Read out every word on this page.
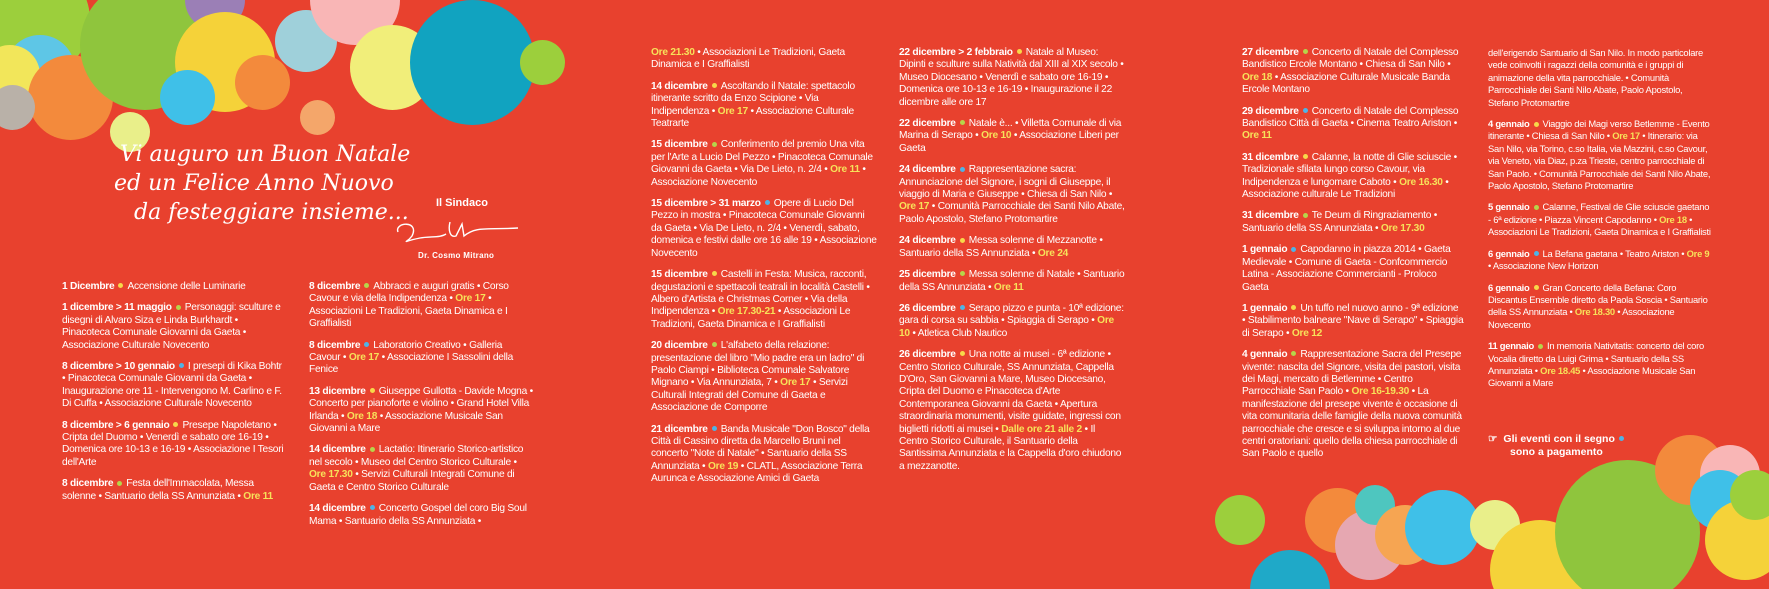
Vi auguro un Buon Natale
ed un Felice Anno Nuovo
da festeggiare insieme... Il Sindaco
Dr. Cosmo Mitrano
1 Dicembre Accensione delle Luminarie
1 dicembre > 11 maggio Personaggi: sculture e disegni di Alvaro Siza e Linda Burkhardt • Pinacoteca Comunale Giovanni da Gaeta • Associazione Culturale Novecento
8 dicembre > 10 gennaio I presepi di Kika Bohtr • Pinacoteca Comunale Giovanni da Gaeta • Inaugurazione ore 11 - Intervengono M. Carlino e F. Di Cuffa • Associazione Culturale Novecento
8 dicembre > 6 gennaio Presepe Napoletano • Cripta del Duomo • Venerdì e sabato ore 16-19 • Domenica ore 10-13 e 16-19 • Associazione I Tesori dell'Arte
8 dicembre Festa dell'Immacolata, Messa solenne • Santuario della SS Annunziata • Ore 11
8 dicembre Abbracci e auguri gratis • Corso Cavour e via della Indipendenza • Ore 17 • Associazioni Le Tradizioni, Gaeta Dinamica e I Graffialisti
8 dicembre Laboratorio Creativo • Galleria Cavour • Ore 17 • Associazione I Sassolini della Fenice
13 dicembre Giuseppe Gullotta - Davide Mogna • Concerto per pianoforte e violino • Grand Hotel Villa Irlanda • Ore 18 • Associazione Musicale San Giovanni a Mare
14 dicembre Lactatio: Itinerario Storico-artistico nel secolo • Museo del Centro Storico Culturale • Ore 17.30 • Servizi Culturali Integrati Comune di Gaeta e Centro Storico Culturale
14 dicembre Concerto Gospel del coro Big Soul Mama • Santuario della SS Annunziata •
Ore 21.30 • Associazioni Le Tradizioni, Gaeta Dinamica e I Graffialisti
14 dicembre Ascoltando il Natale: spettacolo itinerante scritto da Enzo Scipione • Via Indipendenza • Ore 17 • Associazione Culturale Teatrarte
15 dicembre Conferimento del premio Una vita per l'Arte a Lucio Del Pezzo • Pinacoteca Comunale Giovanni da Gaeta • Via De Lieto, n. 2/4 • Ore 11 • Associazione Novecento
15 dicembre > 31 marzo Opere di Lucio Del Pezzo in mostra • Pinacoteca Comunale Giovanni da Gaeta • Via De Lieto, n. 2/4 • Venerdì, sabato, domenica e festivi dalle ore 16 alle 19 • Associazione Novecento
15 dicembre Castelli in Festa: Musica, racconti, degustazioni e spettacoli teatrali in località Castelli • Albero d'Artista e Christmas Corner • Via della Indipendenza • Ore 17.30-21 • Associazioni Le Tradizioni, Gaeta Dinamica e I Graffialisti
20 dicembre L'alfabeto della relazione: presentazione del libro "Mio padre era un ladro" di Paolo Ciampi • Biblioteca Comunale Salvatore Mignano • Via Annunziata, 7 • Ore 17 • Servizi Culturali Integrati del Comune di Gaeta e Associazione de Comporre
21 dicembre Banda Musicale "Don Bosco" della Città di Cassino diretta da Marcello Bruni nel concerto "Note di Natale" • Santuario della SS Annunziata • Ore 19 • CLATL, Associazione Terra Aurunca e Associazione Amici di Gaeta
22 dicembre > 2 febbraio Natale al Museo: Dipinti e sculture sulla Natività dal XIII al XIX secolo • Museo Diocesano • Venerdì e sabato ore 16-19 • Domenica ore 10-13 e 16-19 • Inaugurazione il 22 dicembre alle ore 17
22 dicembre Natale è... • Villetta Comunale di via Marina di Serapo • Ore 10 • Associazione Liberi per Gaeta
24 dicembre Rappresentazione sacra: Annunciazione del Signore, i sogni di Giuseppe, il viaggio di Maria e Giuseppe • Chiesa di San Nilo • Ore 17 • Comunità Parrocchiale dei Santi Nilo Abate, Paolo Apostolo, Stefano Protomartire
24 dicembre Messa solenne di Mezzanotte • Santuario della SS Annunziata • Ore 24
25 dicembre Messa solenne di Natale • Santuario della SS Annunziata • Ore 11
26 dicembre Serapo pizzo e punta - 10ª edizione: gara di corsa su sabbia • Spiaggia di Serapo • Ore 10 • Atletica Club Nautico
26 dicembre Una notte ai musei - 6ª edizione • Centro Storico Culturale, SS Annunziata, Cappella D'Oro, San Giovanni a Mare, Museo Diocesano, Cripta del Duomo e Pinacoteca d'Arte Contemporanea Giovanni da Gaeta • Apertura straordinaria monumenti, visite guidate, ingressi con biglietti ridotti ai musei • Dalle ore 21 alle 2 • Il Centro Storico Culturale, il Santuario della Santissima Annunziata e la Cappella d'oro chiudono a mezzanotte.
27 dicembre Concerto di Natale del Complesso Bandistico Ercole Montano • Chiesa di San Nilo • Ore 18 • Associazione Culturale Musicale Banda Ercole Montano
29 dicembre Concerto di Natale del Complesso Bandistico Città di Gaeta • Cinema Teatro Ariston • Ore 11
31 dicembre Calanne, la notte di Glie sciuscie • Tradizionale sfilata lungo corso Cavour, via Indipendenza e lungomare Caboto • Ore 16.30 • Associazione culturale Le Tradizioni
31 dicembre Te Deum di Ringraziamento • Santuario della SS Annunziata • Ore 17.30
1 gennaio Capodanno in piazza 2014 • Gaeta Medievale • Comune di Gaeta - Confcommercio Latina - Associazione Commercianti - Proloco Gaeta
1 gennaio Un tuffo nel nuovo anno - 9ª edizione • Stabilimento balneare "Nave di Serapo" • Spiaggia di Serapo • Ore 12
4 gennaio Rappresentazione Sacra del Presepe vivente: nascita del Signore, visita dei pastori, visita dei Magi, mercato di Betlemme • Centro Parrocchiale San Paolo • Ore 16-19.30 • La manifestazione del presepe vivente è occasione di vita comunitaria delle famiglie della nuova comunità parrocchiale che cresce e si sviluppa intorno al due centri oratoriani: quello della chiesa parrocchiale di San Paolo e quello
dell'erigendo Santuario di San Nilo. In modo particolare vede coinvolti i ragazzi della comunità e i gruppi di animazione della vita parrocchiale. • Comunità Parrocchiale dei Santi Nilo Abate, Paolo Apostolo, Stefano Protomartire
4 gennaio Viaggio dei Magi verso Betlemme - Evento itinerante • Chiesa di San Nilo • Ore 17 • Itinerario: via San Nilo, via Torino, c.so Italia, via Mazzini, c.so Cavour, via Veneto, via Diaz, p.za Trieste, centro parrocchiale di San Paolo. • Comunità Parrocchiale dei Santi Nilo Abate, Paolo Apostolo, Stefano Protomartire
5 gennaio Calanne, Festival de Glie sciuscie gaetano - 6ª edizione • Piazza Vincent Capodanno • Ore 18 • Associazioni Le Tradizioni, Gaeta Dinamica e I Graffialisti
6 gennaio La Befana gaetana • Teatro Ariston • Ore 9 • Associazione New Horizon
6 gennaio Gran Concerto della Befana: Coro Discantus Ensemble diretto da Paola Soscia • Santuario della SS Annunziata • Ore 18.30 • Associazione Novecento
11 gennaio In memoria Nativitatis: concerto del coro Vocalia diretto da Luigi Grima • Santuario della SS Annunziata • Ore 18.45 • Associazione Musicale San Giovanni a Mare
☞ Gli eventi con il segno
sono a pagamento
